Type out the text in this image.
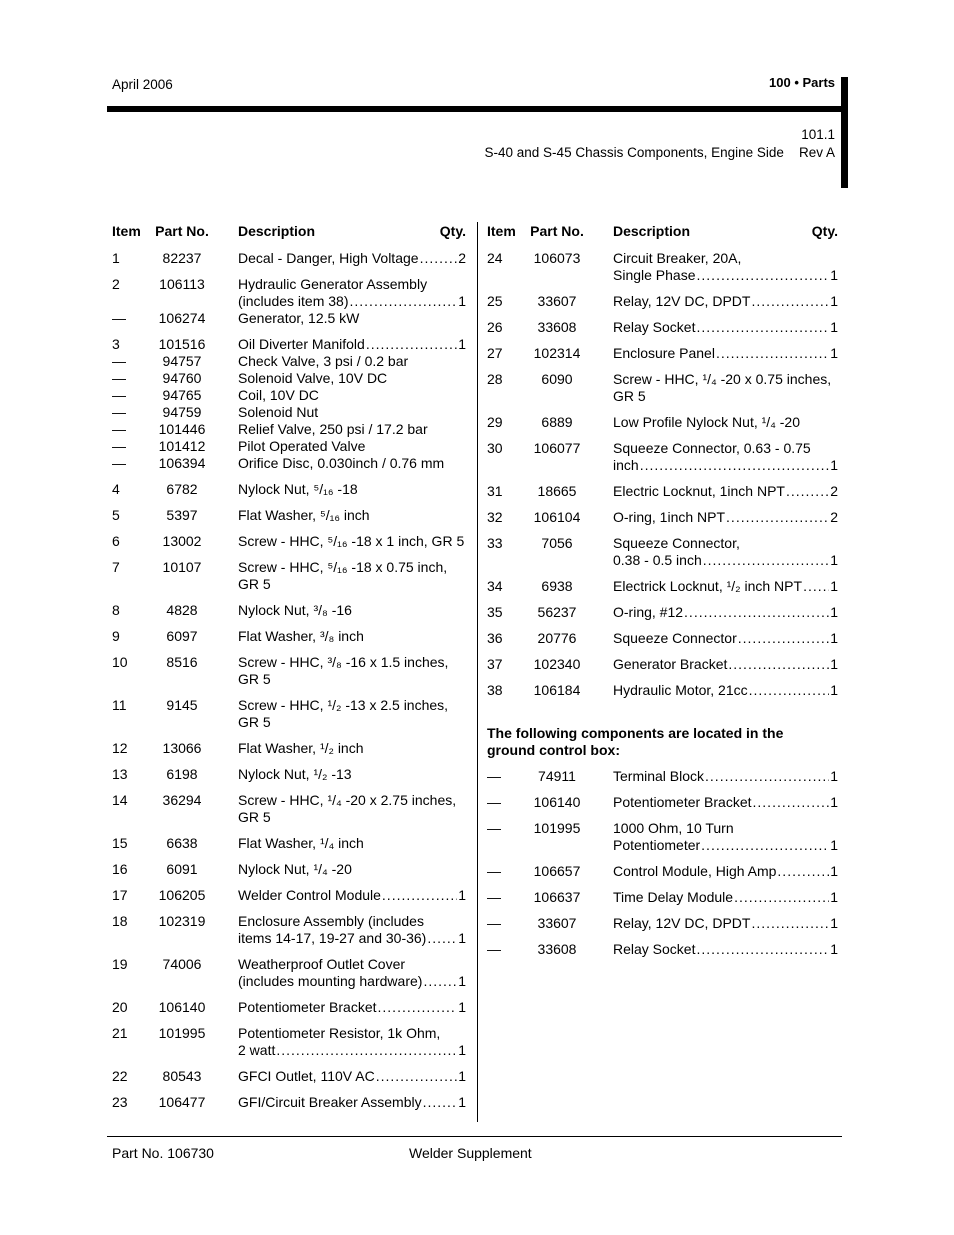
April 2006	100 • Parts
101.1
S-40 and S-45 Chassis Components, Engine Side Rev A
Item	Part No. Description	Qty.
1	82237	Decal - Danger, High Voltage .....	2
2	106113	Hydraulic Generator Assembly
(includes item 38) .....	1
—	106274	Generator, 12.5 kW
3	101516	Oil Diverter Manifold .....	1
—	94757	Check Valve, 3 psi / 0.2 bar
—	94760	Solenoid Valve, 10V DC
—	94765	Coil, 10V DC
—	94759	Solenoid Nut
—	101446	Relief Valve, 250 psi / 17.2 bar
—	101412	Pilot Operated Valve
—	106394	Orifice Disc, 0.030inch / 0.76 mm
4	6782	Nylock Nut, ⁵/₁₆ -18
5	5397	Flat Washer, ⁵/₁₆ inch
6	13002	Screw - HHC, ⁵/₁₆ -18 x 1 inch, GR 5
7	10107	Screw - HHC, ⁵/₁₆ -18 x 0.75 inch,
GR 5
8	4828	Nylock Nut, ³/₈ -16
9	6097	Flat Washer, ³/₈ inch
10	8516	Screw - HHC, ³/₈ -16 x 1.5 inches,
GR 5
11	9145	Screw - HHC, ¹/₂ -13 x 2.5 inches,
GR 5
12	13066	Flat Washer, ¹/₂ inch
13	6198	Nylock Nut, ¹/₂ -13
14	36294	Screw - HHC, ¹/₄ -20 x 2.75 inches,
GR 5
15	6638	Flat Washer, ¹/₄ inch
16	6091	Nylock Nut, ¹/₄ -20
17	106205	Welder Control Module .....	1
18	102319	Enclosure Assembly (includes
items 14-17, 19-27 and 30-36) ..... 1
19	74006	Weatherproof Outlet Cover
(includes mounting hardware) .....	1
20	106140	Potentiometer Bracket .....	1
21	101995	Potentiometer Resistor, 1k Ohm,
2 watt .....	1
22	80543	GFCI Outlet, 110V AC .....	1
23	106477	GFI/Circuit Breaker Assembly .....	1
Item	Part No.	Description	Qty.
24	106073	Circuit Breaker, 20A,
Single Phase .....	1
25	33607	Relay, 12V DC, DPDT .....	1
26	33608	Relay Socket .....	1
27	102314	Enclosure Panel .....	1
28	6090	Screw - HHC, ¹/₄ -20 x 0.75 inches,
GR 5
29	6889	Low Profile Nylock Nut, ¹/₄ -20
30	106077	Squeeze Connector, 0.63 - 0.75
inch .....	1
31	18665	Electric Locknut, 1inch NPT .....	2
32	106104	O-ring, 1inch NPT .....	2
33	7056	Squeeze Connector,
0.38 - 0.5 inch .....	1
34	6938	Electrick Locknut, ¹/₂ inch NPT ..... 1
35	56237	O-ring, #12 .....	1
36	20776	Squeeze Connector .....	1
37	102340	Generator Bracket .....	1
38	106184	Hydraulic Motor, 21cc .....	1
The following components are located in the ground control box:
—	74911	Terminal Block .....	1
—	106140	Potentiometer Bracket .....	1
—	101995	1000 Ohm, 10 Turn
Potentiometer .....	1
—	106657	Control Module, High Amp .....	1
—	106637	Time Delay Module .....	1
—	33607	Relay, 12V DC, DPDT .....	1
—	33608	Relay Socket .....	1
Part No. 106730	Welder Supplement
